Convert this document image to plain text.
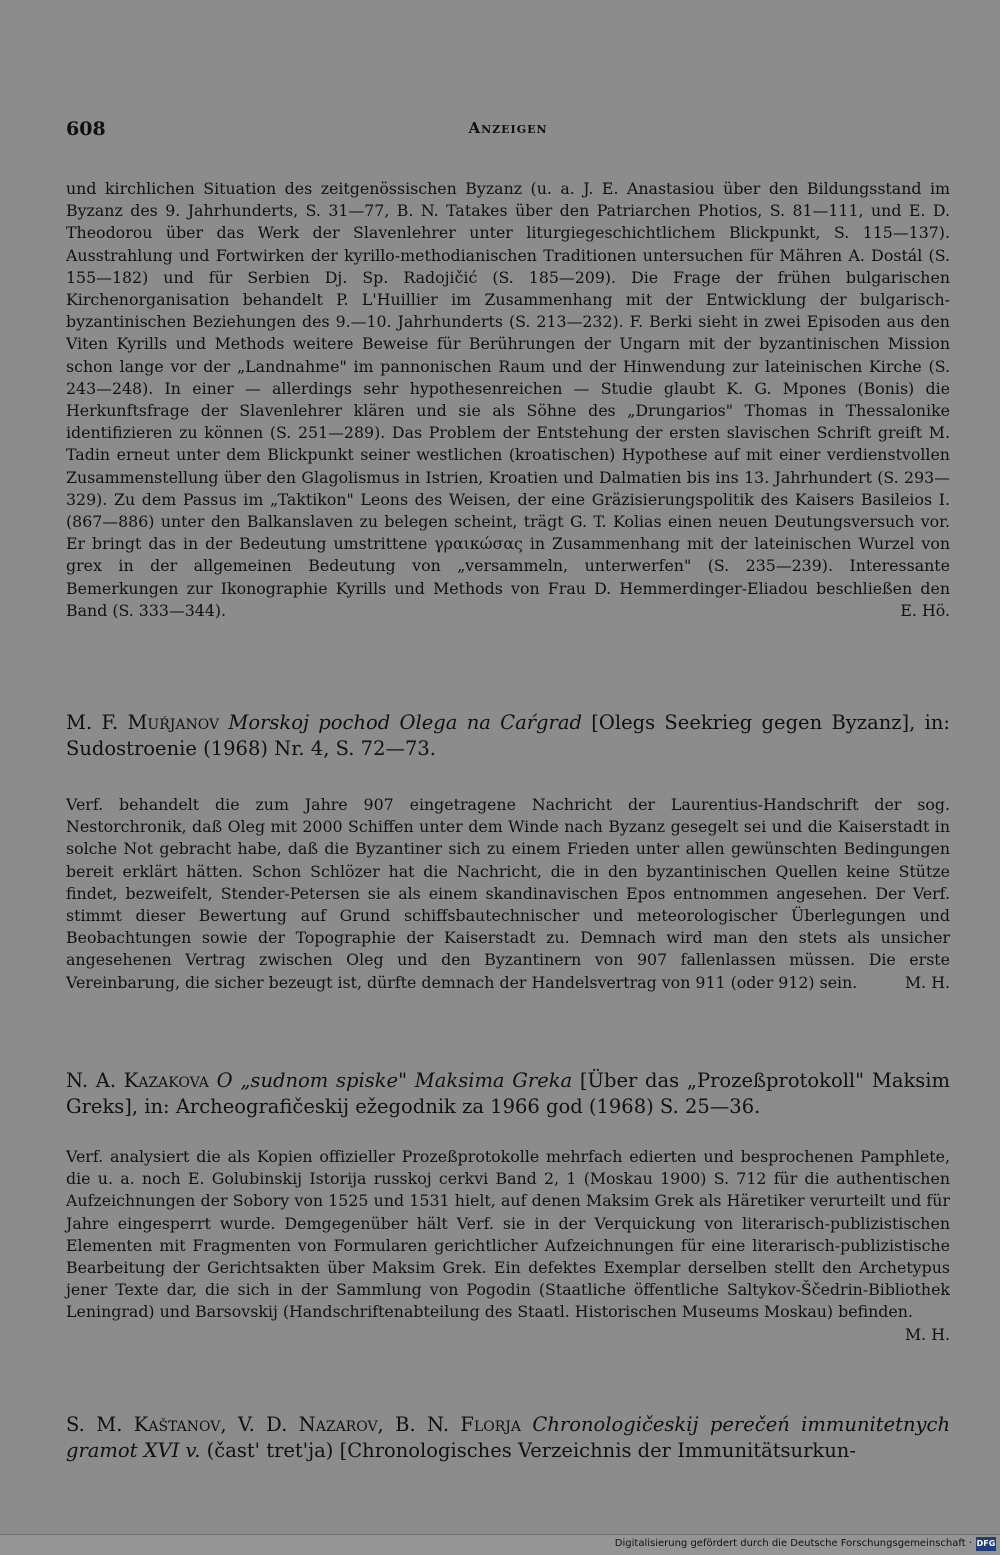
608	Anzeigen

und kirchlichen Situation des zeitgenössischen Byzanz (u. a. J. E. Anastasiou über den Bildungsstand im Byzanz des 9. Jahrhunderts, S. 31—77, B. N. Tatakes über den Patriarchen Photios, S. 81—111, und E. D. Theodorou über das Werk der Slavenlehrer unter liturgiegeschichtlichem Blickpunkt, S. 115—137). Ausstrahlung und Fortwirken der kyrillo-methodianischen Traditionen untersuchen für Mähren A. Dostál (S. 155—182) und für Serbien Dj. Sp. Radojičić (S. 185—209). Die Frage der frühen bulgarischen Kirchenorganisation behandelt P. L'Huillier im Zusammenhang mit der Entwicklung der bulgarisch-byzantinischen Beziehungen des 9.—10. Jahrhunderts (S. 213—232). F. Berki sieht in zwei Episoden aus den Viten Kyrills und Methods weitere Beweise für Berührungen der Ungarn mit der byzantinischen Mission schon lange vor der „Landnahme" im pannonischen Raum und der Hinwendung zur lateinischen Kirche (S. 243—248). In einer — allerdings sehr hypothesenreichen — Studie glaubt K. G. Mpones (Bonis) die Herkunftsfrage der Slavenlehrer klären und sie als Söhne des „Drungarios" Thomas in Thessalonike identifizieren zu können (S. 251—289). Das Problem der Entstehung der ersten slavischen Schrift greift M. Tadin erneut unter dem Blickpunkt seiner westlichen (kroatischen) Hypothese auf mit einer verdienstvollen Zusammenstellung über den Glagolismus in Istrien, Kroatien und Dalmatien bis ins 13. Jahrhundert (S. 293—329). Zu dem Passus im „Taktikon" Leons des Weisen, der eine Gräzisierungspolitik des Kaisers Basileios I. (867—886) unter den Balkanslaven zu belegen scheint, trägt G. T. Kolias einen neuen Deutungsversuch vor. Er bringt das in der Bedeutung umstrittene γραικώσας in Zusammenhang mit der lateinischen Wurzel von grex in der allgemeinen Bedeutung von „versammeln, unterwerfen" (S. 235—239). Interessante Bemerkungen zur Ikonographie Kyrills und Methods von Frau D. Hemmerdinger-Eliadou beschließen den Band (S. 333—344).	E. Hö.

M. F. Muŕjanov Morskoj pochod Olega na Caŕgrad [Olegs Seekrieg gegen Byzanz], in: Sudostroenie (1968) Nr. 4, S. 72—73.

Verf. behandelt die zum Jahre 907 eingetragene Nachricht der Laurentius-Handschrift der sog. Nestorchronik, daß Oleg mit 2000 Schiffen unter dem Winde nach Byzanz gesegelt sei und die Kaiserstadt in solche Not gebracht habe, daß die Byzantiner sich zu einem Frieden unter allen gewünschten Bedingungen bereit erklärt hätten. Schon Schlözer hat die Nachricht, die in den byzantinischen Quellen keine Stütze findet, bezweifelt, Stender-Petersen sie als einem skandinavischen Epos entnommen angesehen. Der Verf. stimmt dieser Bewertung auf Grund schiffsbautechnischer und meteorologischer Überlegungen und Beobachtungen sowie der Topographie der Kaiserstadt zu. Demnach wird man den stets als unsicher angesehenen Vertrag zwischen Oleg und den Byzantinern von 907 fallenlassen müssen. Die erste Vereinbarung, die sicher bezeugt ist, dürfte demnach der Handelsvertrag von 911 (oder 912) sein.	M. H.

N. A. Kazakova O „sudnom spiske" Maksima Greka [Über das „Prozeßprotokoll" Maksim Greks], in: Archeografičeskij ežegodnik za 1966 god (1968) S. 25—36.

Verf. analysiert die als Kopien offizieller Prozeßprotokolle mehrfach edierten und besprochenen Pamphlete, die u. a. noch E. Golubinskij Istorija russkoj cerkvi Band 2, 1 (Moskau 1900) S. 712 für die authentischen Aufzeichnungen der Sobory von 1525 und 1531 hielt, auf denen Maksim Grek als Häretiker verurteilt und für Jahre eingesperrt wurde. Demgegenüber hält Verf. sie in der Verquickung von literarisch-publizistischen Elementen mit Fragmenten von Formularen gerichtlicher Aufzeichnungen für eine literarisch-publizistische Bearbeitung der Gerichtsakten über Maksim Grek. Ein defektes Exemplar derselben stellt den Archetypus jener Texte dar, die sich in der Sammlung von Pogodin (Staatliche öffentliche Saltykov-Ščedrin-Bibliothek Leningrad) und Barsovskij (Handschriftenabteilung des Staatl. Historischen Museums Moskau) befinden.
M. H.

S. M. Kaštanov, V. D. Nazarov, B. N. Florja Chronologičeskij perečeń immunitetnych gramot XVI v. (čast' tret'ja) [Chronologisches Verzeichnis der Immunitätsurkun-

Digitalisierung gefördert durch die Deutsche Forschungsgemeinschaft · DFG
